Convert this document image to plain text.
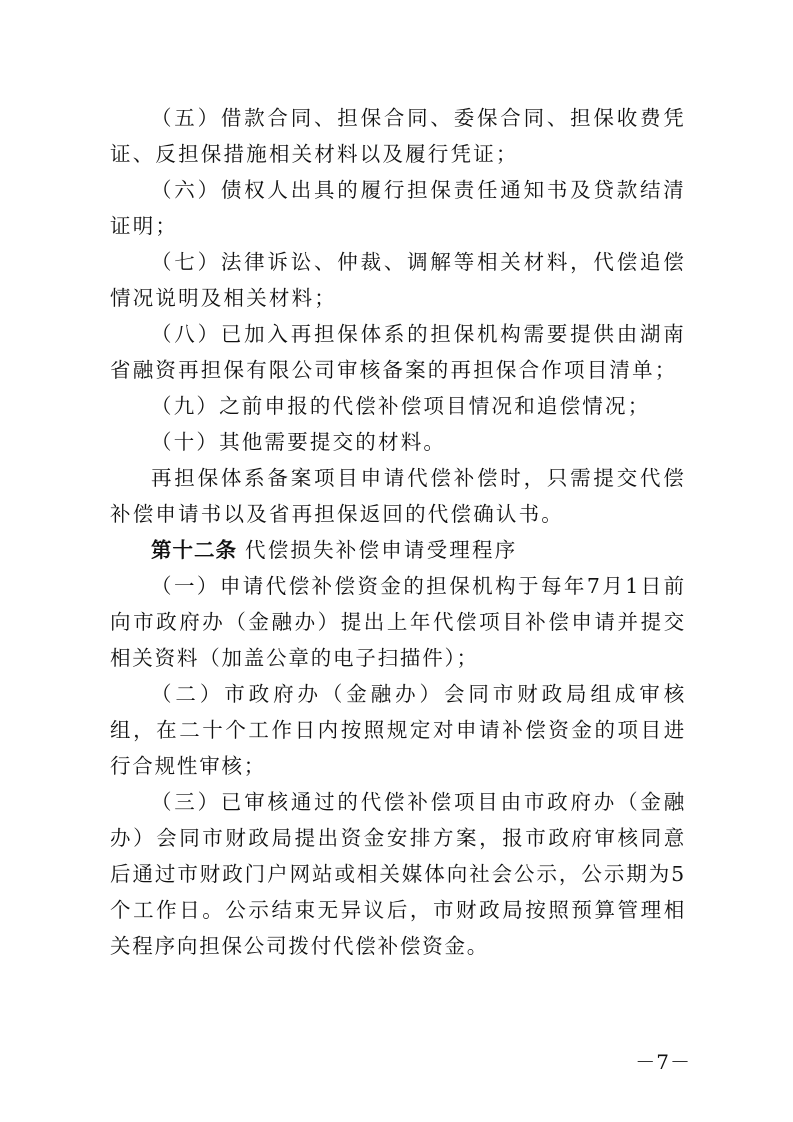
（五）借款合同、担保合同、委保合同、担保收费凭证、反担保措施相关材料以及履行凭证；

（六）债权人出具的履行担保责任通知书及贷款结清证明；

（七）法律诉讼、仲裁、调解等相关材料，代偿追偿情况说明及相关材料；

（八）已加入再担保体系的担保机构需要提供由湖南省融资再担保有限公司审核备案的再担保合作项目清单；

（九）之前申报的代偿补偿项目情况和追偿情况；

（十）其他需要提交的材料。

再担保体系备案项目申请代偿补偿时，只需提交代偿补偿申请书以及省再担保返回的代偿确认书。

第十二条 代偿损失补偿申请受理程序

（一）申请代偿补偿资金的担保机构于每年7月1日前向市政府办（金融办）提出上年代偿项目补偿申请并提交相关资料（加盖公章的电子扫描件）；

（二）市政府办（金融办）会同市财政局组成审核组，在二十个工作日内按照规定对申请补偿资金的项目进行合规性审核；

（三）已审核通过的代偿补偿项目由市政府办（金融办）会同市财政局提出资金安排方案，报市政府审核同意后通过市财政门户网站或相关媒体向社会公示，公示期为5个工作日。公示结束无异议后，市财政局按照预算管理相关程序向担保公司拨付代偿补偿资金。

－7－
